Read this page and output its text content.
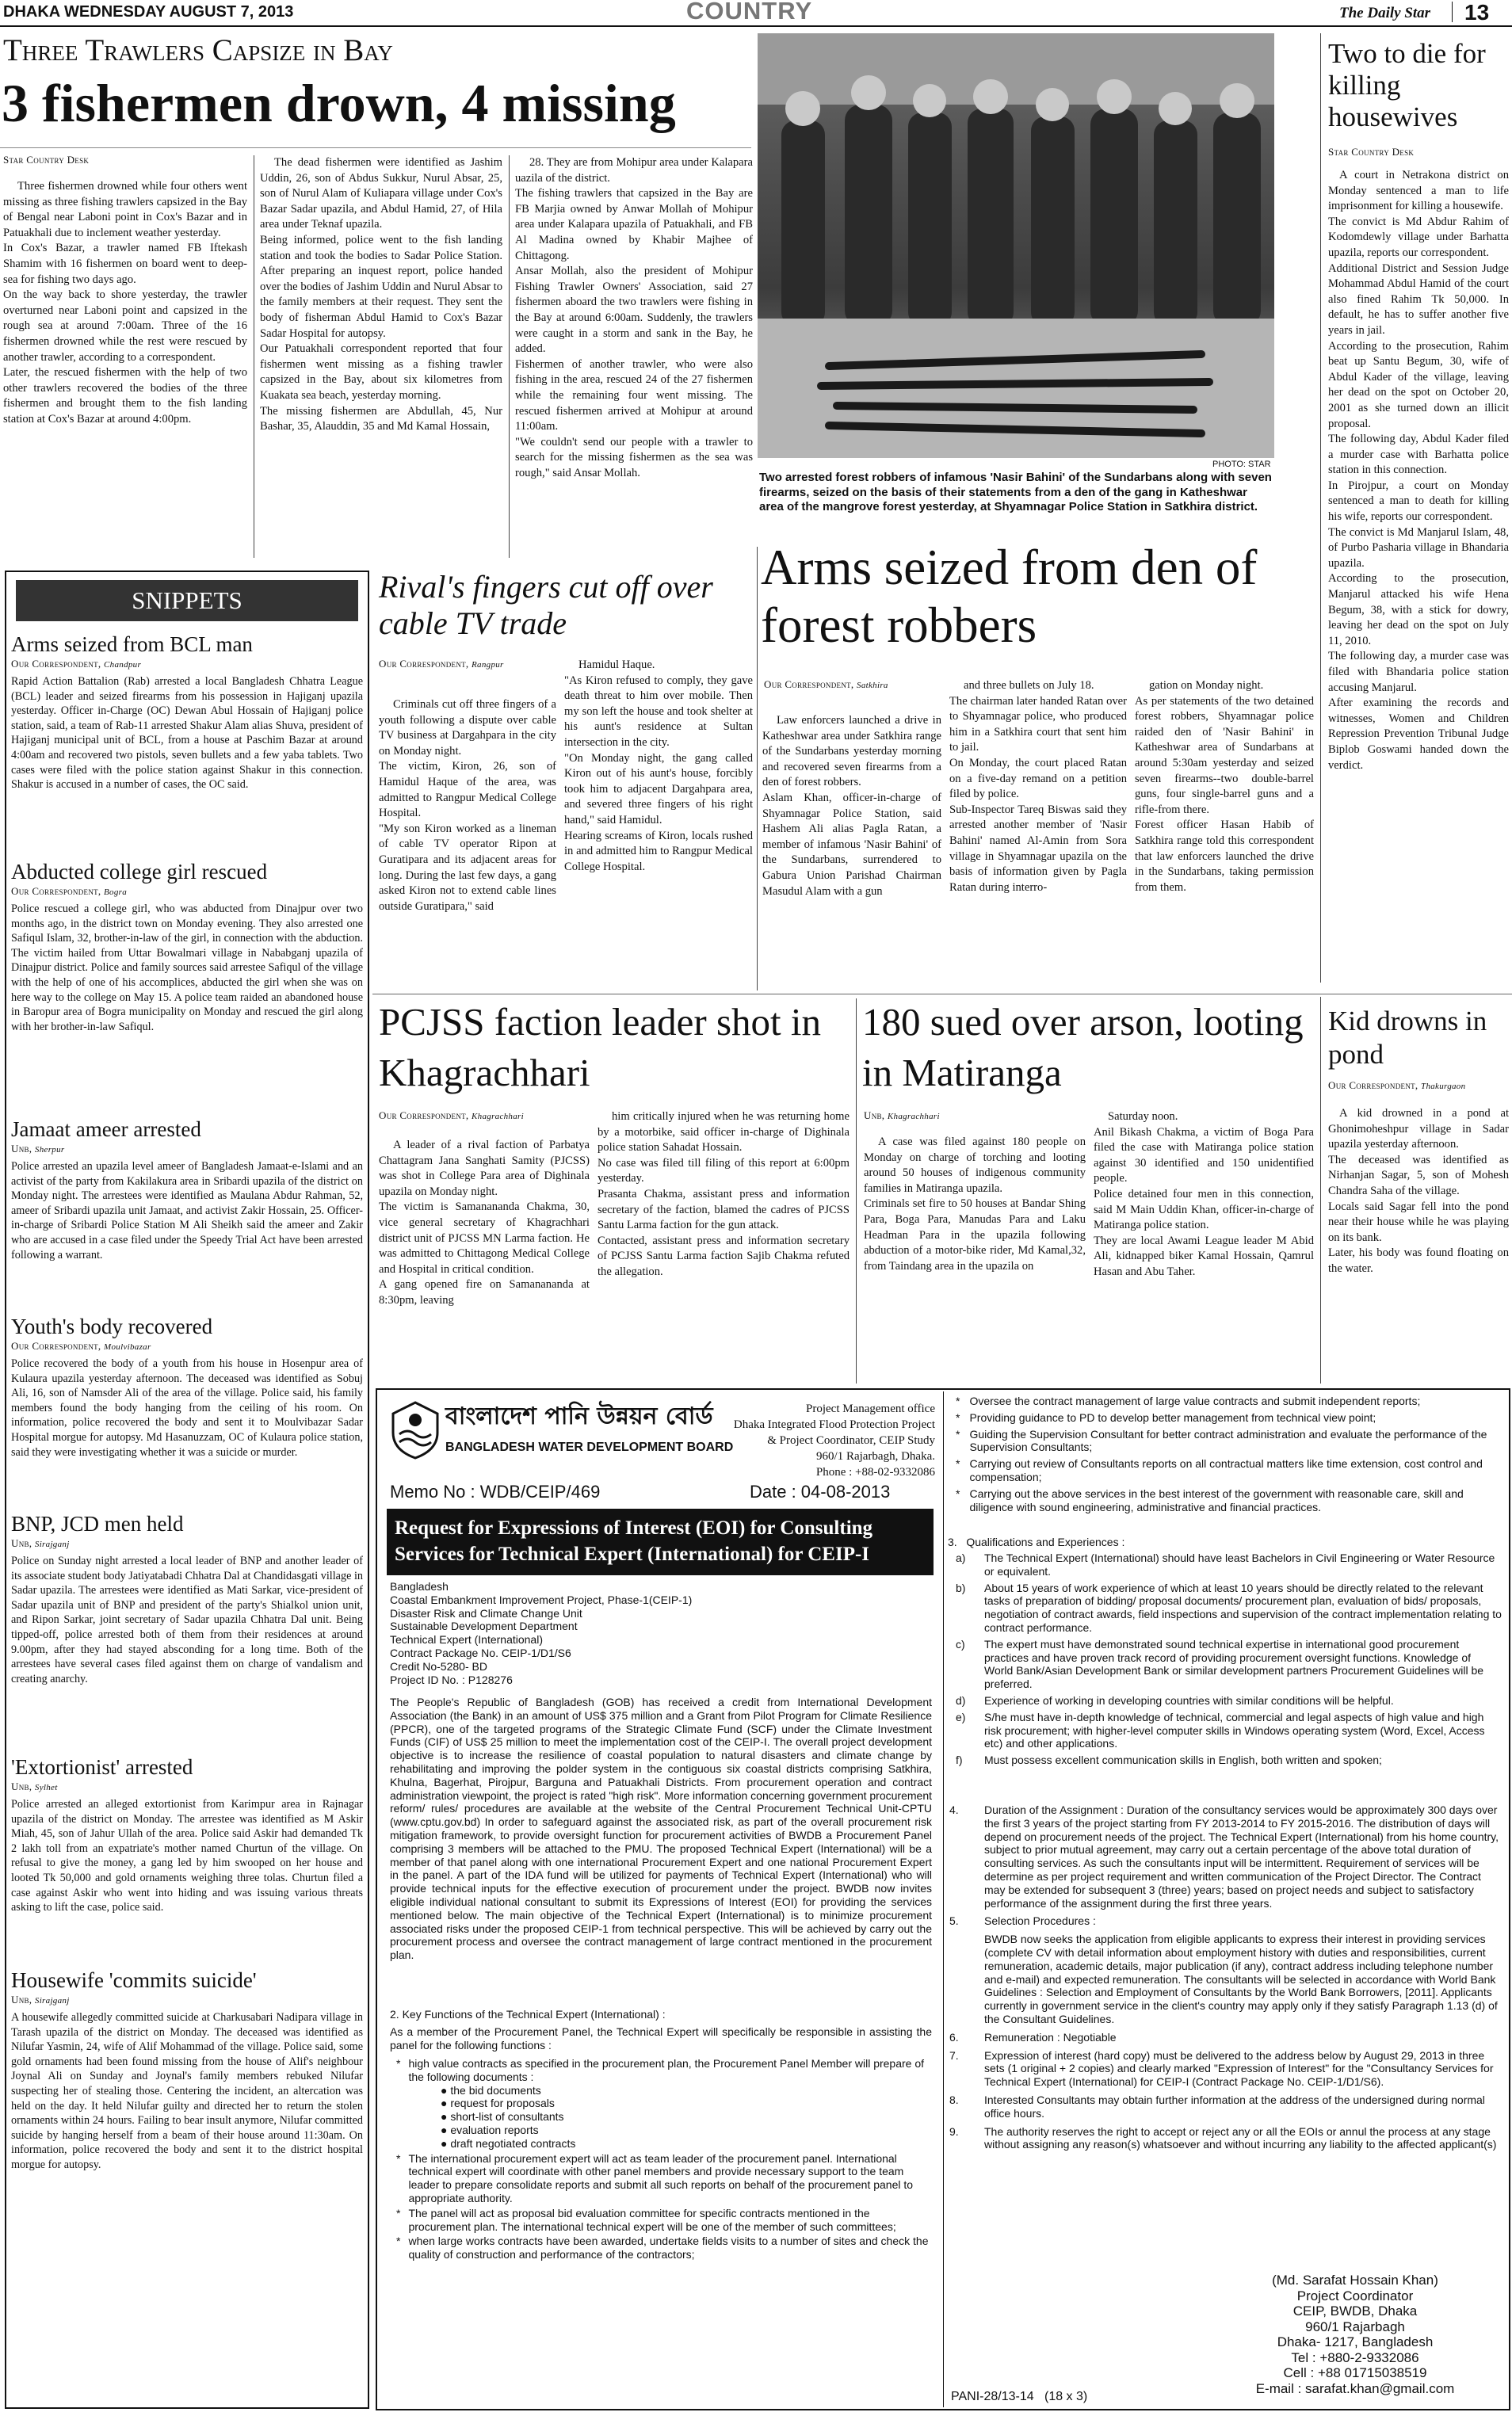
DHAKA WEDNESDAY AUGUST 7, 2013	COUNTRY	The Daily Star 13
Three Trawlers Capsize in Bay
3 fishermen drown, 4 missing
Star Country Desk
Three fishermen drowned while four others went missing as three fishing trawlers capsized in the Bay of Bengal near Laboni point in Cox's Bazar and in Patuakhali due to inclement weather yesterday.
In Cox's Bazar, a trawler named FB Iftekash Shamim with 16 fishermen on board went to deep-sea for fishing two days ago.
On the way back to shore yesterday, the trawler overturned near Laboni point and capsized in the rough sea at around 7:00am. Three of the 16 fishermen drowned while the rest were rescued by another trawler, according to a correspondent.
Later, the rescued fishermen with the help of two other trawlers recovered the bodies of the three fishermen and brought them to the fish landing station at Cox's Bazar at around 4:00pm.
The dead fishermen were identified as Jashim Uddin, 26, son of Abdus Sukkur, Nurul Absar, 25, son of Nurul Alam of Kuliapara village under Cox's Bazar Sadar upazila, and Abdul Hamid, 27, of Hila area under Teknaf upazila.
Being informed, police went to the fish landing station and took the bodies to Sadar Police Station. After preparing an inquest report, police handed over the bodies of Jashim Uddin and Nurul Absar to the family members at their request. They sent the body of fisherman Abdul Hamid to Cox's Bazar Sadar Hospital for autopsy.
Our Patuakhali correspondent reported that four fishermen went missing as a fishing trawler capsized in the Bay, about six kilometres from Kuakata sea beach, yesterday morning.
The missing fishermen are Abdullah, 45, Nur Bashar, 35, Alauddin, 35 and Md Kamal Hossain,
28. They are from Mohipur area under Kalapara uazila of the district.
The fishing trawlers that capsized in the Bay are FB Marjia owned by Anwar Mollah of Mohipur area under Kalapara upazila of Patuakhali, and FB Al Madina owned by Khabir Majhee of Chittagong.
Ansar Mollah, also the president of Mohipur Fishing Trawler Owners' Association, said 27 fishermen aboard the two trawlers were fishing in the Bay at around 6:00am. Suddenly, the trawlers were caught in a storm and sank in the Bay, he added.
Fishermen of another trawler, who were also fishing in the area, rescued 24 of the 27 fishermen while the remaining four went missing. The rescued fishermen arrived at Mohipur at around 11:00am.
"We couldn't send our people with a trawler to search for the missing fishermen as the sea was rough," said Ansar Mollah.
PHOTO: STAR
Two arrested forest robbers of infamous 'Nasir Bahini' of the Sundarbans along with seven firearms, seized on the basis of their statements from a den of the gang in Katheshwar area of the mangrove forest yesterday, at Shyamnagar Police Station in Satkhira district.
Two to die for killing housewives
Star Country Desk
A court in Netrakona district on Monday sentenced a man to life imprisonment for killing a housewife.
The convict is Md Abdur Rahim of Kodomdewly village under Barhatta upazila, reports our correspondent.
Additional District and Session Judge Mohammad Abdul Hamid of the court also fined Rahim Tk 50,000. In default, he has to suffer another five years in jail.
According to the prosecution, Rahim beat up Santu Begum, 30, wife of Abdul Kader of the village, leaving her dead on the spot on October 20, 2001 as she turned down an illicit proposal.
The following day, Abdul Kader filed a murder case with Barhatta police station in this connection.
In Pirojpur, a court on Monday sentenced a man to death for killing his wife, reports our correspondent.
The convict is Md Manjarul Islam, 48, of Purbo Pasharia village in Bhandaria upazila.
According to the prosecution, Manjarul attacked his wife Hena Begum, 38, with a stick for dowry, leaving her dead on the spot on July 11, 2010.
The following day, a murder case was filed with Bhandaria police station accusing Manjarul.
After examining the records and witnesses, Women and Children Repression Prevention Tribunal Judge Biplob Goswami handed down the verdict.
SNIPPETS
Arms seized from BCL man
Our Correspondent, Chandpur
Rapid Action Battalion (Rab) arrested a local Bangladesh Chhatra League (BCL) leader and seized firearms from his possession in Hajiganj upazila yesterday. Officer in-Charge (OC) Dewan Abul Hossain of Hajiganj police station, said, a team of Rab-11 arrested Shakur Alam alias Shuva, president of Hajiganj municipal unit of BCL, from a house at Paschim Bazar at around 4:00am and recovered two pistols, seven bullets and a few yaba tablets. Two cases were filed with the police station against Shakur in this connection. Shakur is accused in a number of cases, the OC said.
Abducted college girl rescued
Our Correspondent, Bogra
Police rescued a college girl, who was abducted from Dinajpur over two months ago, in the district town on Monday evening. They also arrested one Safiqul Islam, 32, brother-in-law of the girl, in connection with the abduction. The victim hailed from Uttar Bowalmari village in Nababganj upazila of Dinajpur district. Police and family sources said arrestee Safiqul of the village with the help of one of his accomplices, abducted the girl when she was on here way to the college on May 15. A police team raided an abandoned house in Baropur area of Bogra municipality on Monday and rescued the girl along with her brother-in-law Safiqul.
Jamaat ameer arrested
Unb, Sherpur
Police arrested an upazila level ameer of Bangladesh Jamaat-e-Islami and an activist of the party from Kakilakura area in Sribardi upazila of the district on Monday night. The arrestees were identified as Maulana Abdur Rahman, 52, ameer of Sribardi upazila unit Jamaat, and activist Zakir Hossain, 25. Officer-in-charge of Sribardi Police Station M Ali Sheikh said the ameer and Zakir who are accused in a case filed under the Speedy Trial Act have been arrested following a warrant.
Youth's body recovered
Our Correspondent, Moulvibazar
Police recovered the body of a youth from his house in Hosenpur area of Kulaura upazila yesterday afternoon. The deceased was identified as Sobuj Ali, 16, son of Namsder Ali of the area of the village. Police said, his family members found the body hanging from the ceiling of his room. On information, police recovered the body and sent it to Moulvibazar Sadar Hospital morgue for autopsy. Md Hasanuzzam, OC of Kulaura police station, said they were investigating whether it was a suicide or murder.
BNP, JCD men held
Unb, Sirajganj
Police on Sunday night arrested a local leader of BNP and another leader of its associate student body Jatiyatabadi Chhatra Dal at Chandidasgati village in Sadar upazila. The arrestees were identified as Mati Sarkar, vice-president of Sadar upazila unit of BNP and president of the party's Shialkol union unit, and Ripon Sarkar, joint secretary of Sadar upazila Chhatra Dal unit. Being tipped-off, police arrested both of them from their residences at around 9.00pm, after they had stayed absconding for a long time. Both of the arrestees have several cases filed against them on charge of vandalism and creating anarchy.
'Extortionist' arrested
Unb, Sylhet
Police arrested an alleged extortionist from Karimpur area in Rajnagar upazila of the district on Monday. The arrestee was identified as M Askir Miah, 45, son of Jahur Ullah of the area. Police said Askir had demanded Tk 2 lakh toll from an expatriate's mother named Churtun of the village. On refusal to give the money, a gang led by him swooped on her house and looted Tk 50,000 and gold ornaments weighing three tolas. Churtun filed a case against Askir who went into hiding and was issuing various threats asking to lift the case, police said.
Housewife 'commits suicide'
Unb, Sirajganj
A housewife allegedly committed suicide at Charkusabari Nadipara village in Tarash upazila of the district on Monday. The deceased was identified as Nilufar Yasmin, 24, wife of Alif Mohammad of the village. Police said, some gold ornaments had been found missing from the house of Alif's neighbour Joynal Ali on Sunday and Joynal's family members rebuked Nilufar suspecting her of stealing those. Centering the incident, an altercation was held on the day. It held Nilufar guilty and directed her to return the stolen ornaments within 24 hours. Failing to bear insult anymore, Nilufar committed suicide by hanging herself from a beam of their house around 11:30am. On information, police recovered the body and sent it to the district hospital morgue for autopsy.
Rival's fingers cut off over cable TV trade
Our Correspondent, Rangpur
Criminals cut off three fingers of a youth following a dispute over cable TV business at Dargahpara in the city on Monday night.
The victim, Kiron, 26, son of Hamidul Haque of the area, was admitted to Rangpur Medical College Hospital.
"My son Kiron worked as a lineman of cable TV operator Ripon at Guratipara and its adjacent areas for long. During the last few days, a gang asked Kiron not to extend cable lines outside Guratipara," said
Hamidul Haque.
"As Kiron refused to comply, they gave death threat to him over mobile. Then my son left the house and took shelter at his aunt's residence at Sultan intersection in the city.
"On Monday night, the gang called Kiron out of his aunt's house, forcibly took him to adjacent Dargahpara area, and severed three fingers of his right hand," said Hamidul.
Hearing screams of Kiron, locals rushed in and admitted him to Rangpur Medical College Hospital.
Arms seized from den of forest robbers
Our Correspondent, Satkhira
Law enforcers launched a drive in Katheshwar area under Satkhira range of the Sundarbans yesterday morning and recovered seven firearms from a den of forest robbers.
Aslam Khan, officer-in-charge of Shyamnagar Police Station, said Hashem Ali alias Pagla Ratan, a member of infamous 'Nasir Bahini' of the Sundarbans, surrendered to Gabura Union Parishad Chairman Masudul Alam with a gun
and three bullets on July 18.
The chairman later handed Ratan over to Shyamnagar police, who produced him in a Satkhira court that sent him to jail.
On Monday, the court placed Ratan on a five-day remand on a petition filed by police.
Sub-Inspector Tareq Biswas said they arrested another member of 'Nasir Bahini' named Al-Amin from Sora village in Shyamnagar upazila on the basis of information given by Pagla Ratan during interro-
gation on Monday night.
As per statements of the two detained forest robbers, Shyamnagar police raided den of 'Nasir Bahini' in Katheshwar area of Sundarbans at around 5:30am yesterday and seized seven firearms--two double-barrel guns, four single-barrel guns and a rifle-from there.
Forest officer Hasan Habib of Satkhira range told this correspondent that law enforcers launched the drive in the Sundarbans, taking permission from them.
PCJSS faction leader shot in Khagrachhari
Our Correspondent, Khagrachhari
A leader of a rival faction of Parbatya Chattagram Jana Sanghati Samity (PJCSS) was shot in College Para area of Dighinala upazila on Monday night.
The victim is Samanananda Chakma, 30, vice general secretary of Khagrachhari district unit of PJCSS MN Larma faction. He was admitted to Chittagong Medical College and Hospital in critical condition.
A gang opened fire on Samanananda at 8:30pm, leaving
him critically injured when he was returning home by a motorbike, said officer in-charge of Dighinala police station Sahadat Hossain.
No case was filed till filing of this report at 6:00pm yesterday.
Prasanta Chakma, assistant press and information secretary of the faction, blamed the cadres of PJCSS Santu Larma faction for the gun attack.
Contacted, assistant press and information secretary of PCJSS Santu Larma faction Sajib Chakma refuted the allegation.
180 sued over arson, looting in Matiranga
Unb, Khagrachhari
A case was filed against 180 people on Monday on charge of torching and looting around 50 houses of indigenous community families in Matiranga upazila.
Criminals set fire to 50 houses at Bandar Shing Para, Boga Para, Manudas Para and Laku Headman Para in the upazila following abduction of a motor-bike rider, Md Kamal,32, from Taindang area in the upazila on
Saturday noon.
Anil Bikash Chakma, a victim of Boga Para filed the case with Matiranga police station against 30 identified and 150 unidentified people.
Police detained four men in this connection, said M Main Uddin Khan, officer-in-charge of Matiranga police station.
They are local Awami League leader M Abid Ali, kidnapped biker Kamal Hossain, Qamrul Hasan and Abu Taher.
Kid drowns in pond
Our Correspondent, Thakurgaon
A kid drowned in a pond at Ghonimoheshpur village in Sadar upazila yesterday afternoon.
The deceased was identified as Nirhanjan Sagar, 5, son of Mohesh Chandra Saha of the village.
Locals said Sagar fell into the pond near their house while he was playing on its bank.
Later, his body was found floating on the water.
বাংলাদেশ পানি উন্নয়ন বোর্ড
BANGLADESH WATER DEVELOPMENT BOARD
Project Management office
Dhaka Integrated Flood Protection Project
& Project Coordinator, CEIP Study
960/1 Rajarbagh, Dhaka.
Phone : +88-02-9332086
Memo No : WDB/CEIP/469	Date : 04-08-2013
Request for Expressions of Interest (EOI) for Consulting Services for Technical Expert (International) for CEIP-I
Bangladesh
Coastal Embankment Improvement Project, Phase-1(CEIP-1)
Disaster Risk and Climate Change Unit
Sustainable Development Department
Technical Expert (International)
Contract Package No. CEIP-1/D1/S6
Credit No-5280- BD
Project ID No. : P128276
The People's Republic of Bangladesh (GOB) has received a credit from International Development Association (the Bank) in an amount of US$ 375 million and a Grant from Pilot Program for Climate Resilience (PPCR), one of the targeted programs of the Strategic Climate Fund (SCF) under the Climate Investment Funds (CIF) of US$ 25 million to meet the implementation cost of the CEIP-I. The overall project development objective is to increase the resilience of coastal population to natural disasters and climate change by rehabilitating and improving the polder system in the contiguous six coastal districts comprising Satkhira, Khulna, Bagerhat, Pirojpur, Barguna and Patuakhali Districts. From procurement operation and contract administration viewpoint, the project is rated "high risk". More information concerning government procurement reform/ rules/ procedures are available at the website of the Central Procurement Technical Unit-CPTU (www.cptu.gov.bd) In order to safeguard against the associated risk, as part of the overall procurement risk mitigation framework, to provide oversight function for procurement activities of BWDB a Procurement Panel comprising 3 members will be attached to the PMU. The proposed Technical Expert (International) will be a member of that panel along with one international Procurement Expert and one national Procurement Expert in the panel. A part of the IDA fund will be utilized for payments of Technical Expert (International) who will provide technical inputs for the effective execution of procurement under the project. BWDB now invites eligible individual national consultant to submit its Expressions of Interest (EOI) for providing the services mentioned below. The main objective of the Technical Expert (International) is to minimize procurement associated risks under the proposed CEIP-1 from technical perspective. This will be achieved by carry out the procurement process and oversee the contract management of large contract mentioned in the procurement plan.
2. Key Functions of the Technical Expert (International) :
As a member of the Procurement Panel, the Technical Expert will specifically be responsible in assisting the panel for the following functions :
* high value contracts as specified in the procurement plan, the Procurement Panel Member will prepare of the following documents :
● the bid documents
● request for proposals
● short-list of consultants
● evaluation reports
● draft negotiated contracts
* The international procurement expert will act as team leader of the procurement panel. International technical expert will coordinate with other panel members and provide necessary support to the team leader to prepare consolidate reports and submit all such reports on behalf of the procurement panel to appropriate authority.
* The panel will act as proposal bid evaluation committee for specific contracts mentioned in the procurement plan. The international technical expert will be one of the member of such committees;
* when large works contracts have been awarded, undertake fields visits to a number of sites and check the quality of construction and performance of the contractors;
* Oversee the contract management of large value contracts and submit independent reports;
* Providing guidance to PD to develop better management from technical view point;
* Guiding the Supervision Consultant for better contract administration and evaluate the performance of the Supervision Consultants;
* Carrying out review of Consultants reports on all contractual matters like time extension, cost control and compensation;
* Carrying out the above services in the best interest of the government with reasonable care, skill and diligence with sound engineering, administrative and financial practices.
3.   Qualifications and Experiences :
a)	The Technical Expert (International) should have least Bachelors in Civil Engineering or Water Resource or equivalent.
b)	About 15 years of work experience of which at least 10 years should be directly related to the relevant tasks of preparation of bidding/ proposal documents/ procurement plan, evaluation of bids/ proposals, negotiation of contract awards, field inspections and supervision of the contract implementation relating to contract performance.
c)	The expert must have demonstrated sound technical expertise in international good procurement practices and have proven track record of providing procurement oversight functions. Knowledge of World Bank/Asian Development Bank or similar development partners Procurement Guidelines will be preferred.
d)	Experience of working in developing countries with similar conditions will be helpful.
e)	S/he must have in-depth knowledge of technical, commercial and legal aspects of high value and high risk procurement; with higher-level computer skills in Windows operating system (Word, Excel, Access etc) and other applications.
f)	Must possess excellent communication skills in English, both written and spoken;
4.	Duration of the Assignment : Duration of the consultancy services would be approximately 300 days over the first 3 years of the project starting from FY 2013-2014 to FY 2015-2016. The distribution of days will depend on procurement needs of the project. The Technical Expert (International) from his home country, subject to prior mutual agreement, may carry out a certain percentage of the above total duration of consulting services. As such the consultants input will be intermittent. Requirement of services will be determine as per project requirement and written communication of the Project Director. The Contract may be extended for subsequent 3 (three) years; based on project needs and subject to satisfactory performance of the assignment during the first three years.
5.	Selection Procedures :
BWDB now seeks the application from eligible applicants to express their interest in providing services (complete CV with detail information about employment history with duties and responsibilities, current remuneration, academic details, major publication (if any), contract address including telephone number and e-mail) and expected remuneration. The consultants will be selected in accordance with World Bank Guidelines : Selection and Employment of Consultants by the World Bank Borrowers, [2011]. Applicants currently in government service in the client's country may apply only if they satisfy Paragraph 1.13 (d) of the Consultant Guidelines.
6.	Remuneration : Negotiable
7.	Expression of interest (hard copy) must be delivered to the address below by August 29, 2013 in three sets (1 original + 2 copies) and clearly marked "Expression of Interest" for the "Consultancy Services for Technical Expert (International) for CEIP-I (Contract Package No. CEIP-1/D1/S6).
8.	Interested Consultants may obtain further information at the address of the undersigned during normal office hours.
9.	The authority reserves the right to accept or reject any or all the EOIs or annul the process at any stage without assigning any reason(s) whatsoever and without incurring any liability to the affected applicant(s)
(Md. Sarafat Hossain Khan)
Project Coordinator
CEIP, BWDB, Dhaka
960/1 Rajarbagh
Dhaka- 1217, Bangladesh
Tel : +880-2-9332086
Cell : +88 01715038519
E-mail : sarafat.khan@gmail.com
PANI-28/13-14   (18 x 3)
